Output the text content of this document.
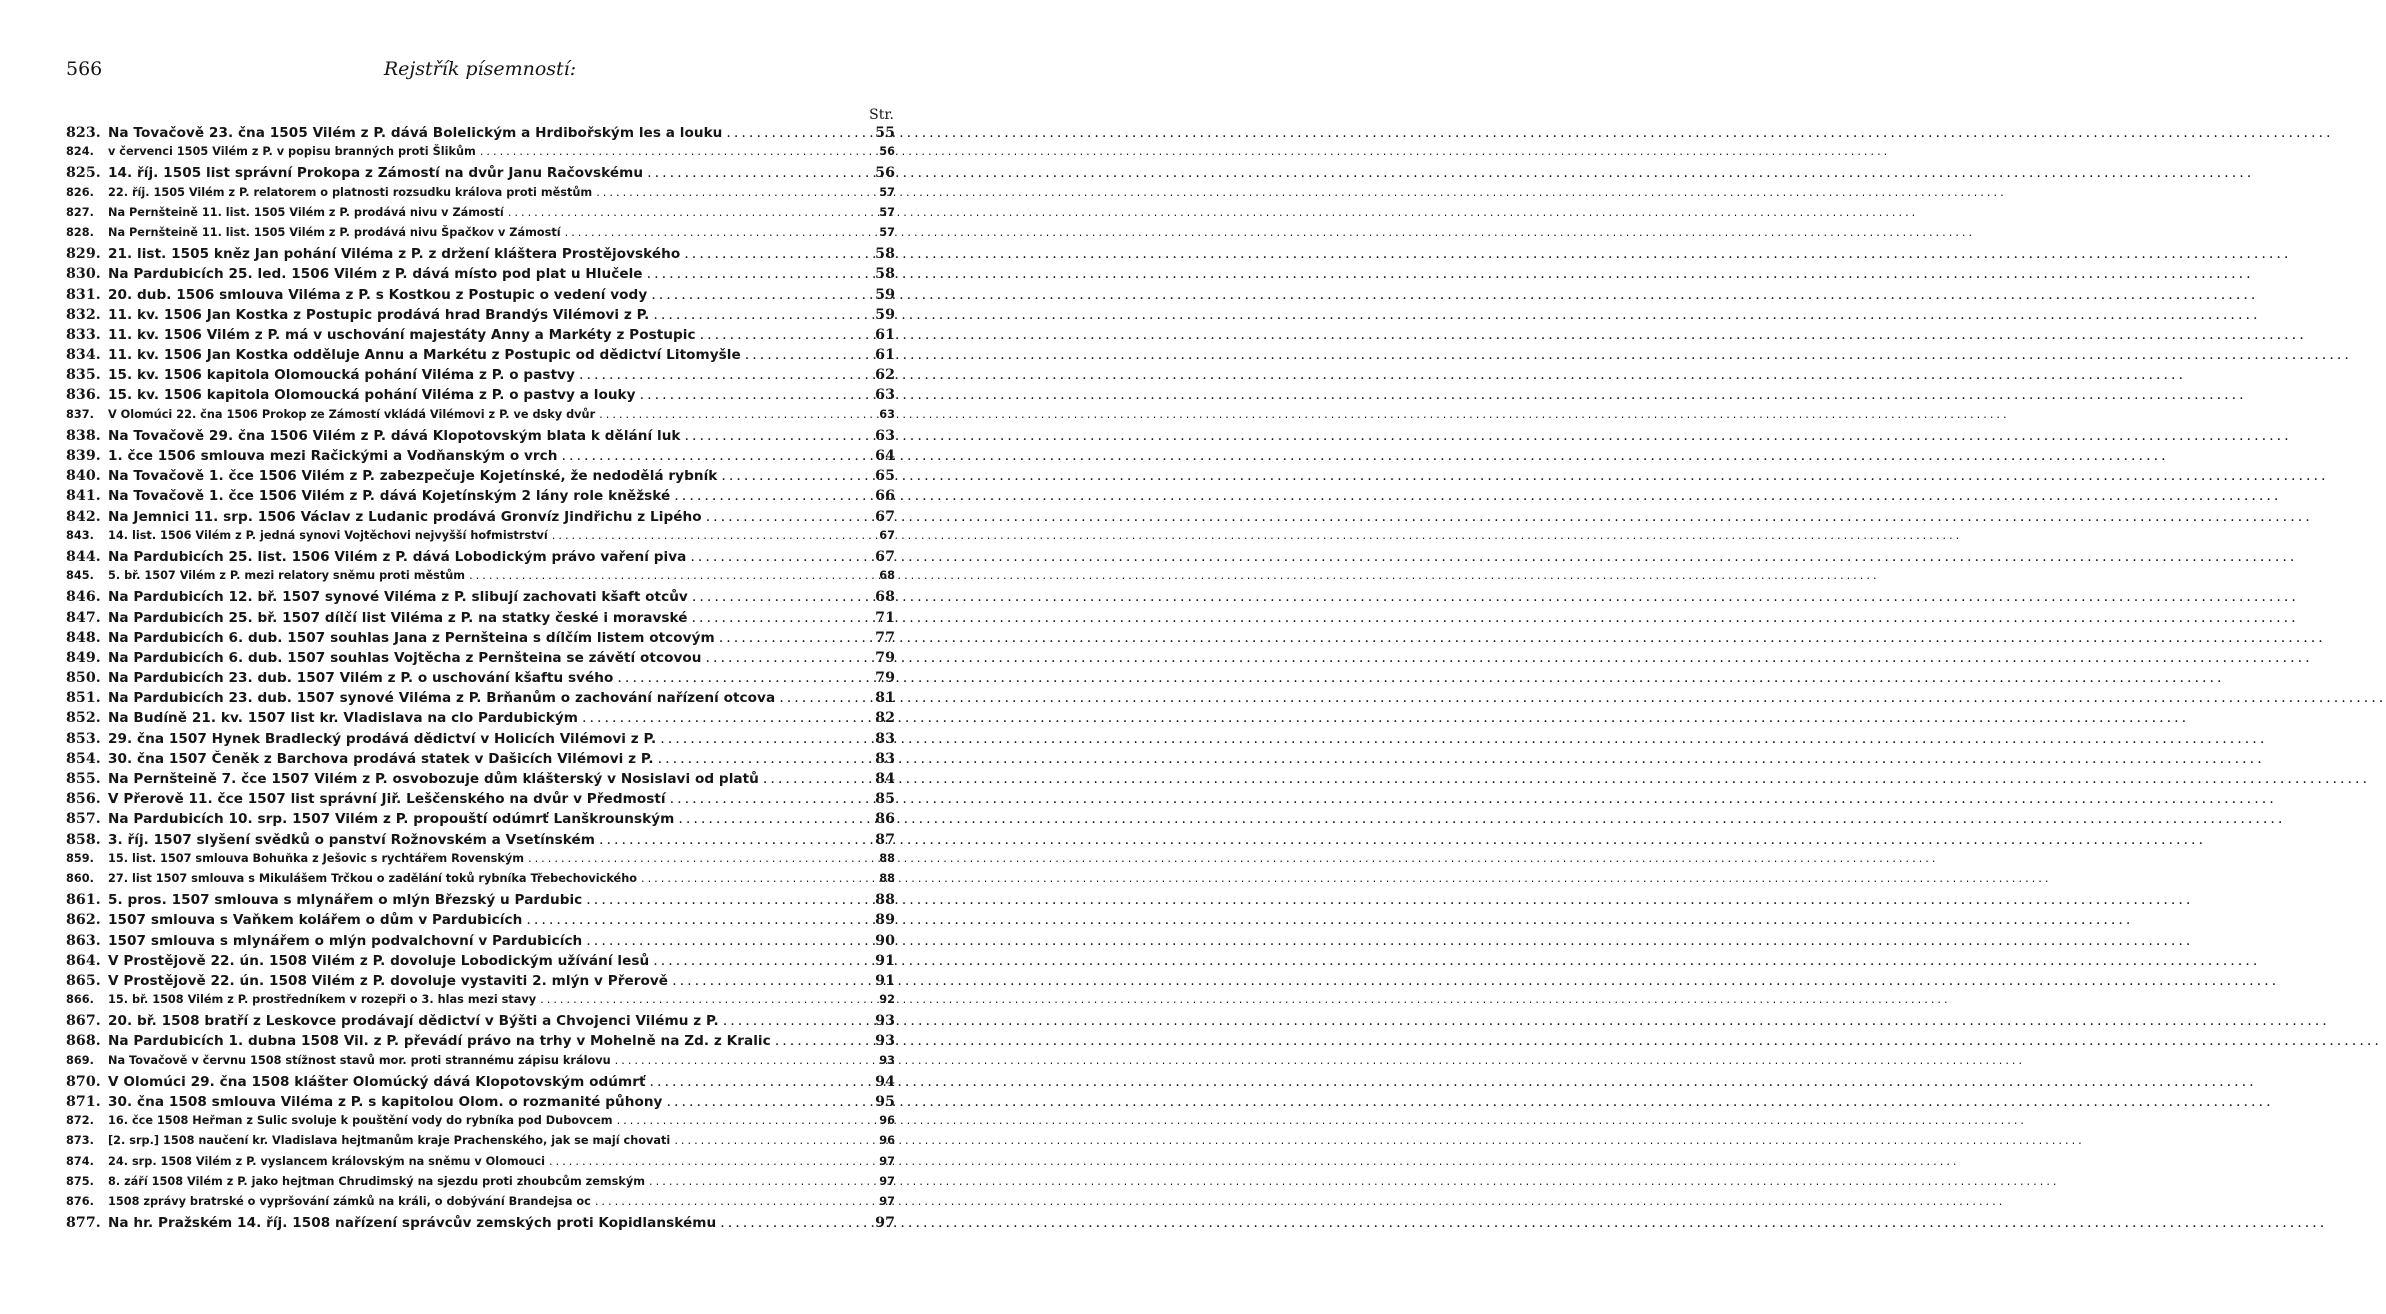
566	Rejstřík písemností:
Str.
823. Na Tovačově 23. čna 1505 Vilém z P. dává Bolelickým a Hrdibořským les a louku .....	55
824.	v červenci 1505 Vilém z P. v popisu branných proti Šlikům .....	56
825. 14. říj. 1505 list správní Prokopa z Zámostí na dvůr Janu Račovskému .....	56
826.	22. říj. 1505 Vilém z P. relatorem o platnosti rozsudku králova proti městům .....	57
827.	Na Pernšteině 11. list. 1505 Vilém z P. prodává nivu v Zámostí .....	57
828.	Na Pernšteině 11. list. 1505 Vilém z P. prodává nivu Špačkov v Zámostí .....	57
829. 21. list. 1505 kněz Jan pohání Viléma z P. z držení kláštera Prostějovského .....	58
830. Na Pardubicích 25. led. 1506 Vilém z P. dává místo pod plat u Hlučele .....	58
831. 20. dub. 1506 smlouva Viléma z P. s Kostkou z Postupic o vedení vody .....	59
832. 11. kv. 1506 Jan Kostka z Postupic prodává hrad Brandýs Vilémovi z P. .....	59
833. 11. kv. 1506 Vilém z P. má v uschování majestáty Anny a Markéty z Postupic .....	61
834. 11. kv. 1506 Jan Kostka odděluje Annu a Markétu z Postupic od dědictví Litomyšle .....	61
835. 15. kv. 1506 kapitola Olomoucká pohání Viléma z P. o pastvy .....	62
836. 15. kv. 1506 kapitola Olomoucká pohání Viléma z P. o pastvy a louky .....	63
837.	V Olomúci 22. čna 1506 Prokop ze Zámostí vkládá Vilémovi z P. ve dsky dvůr .....	63
838. Na Tovačově 29. čna 1506 Vilém z P. dává Klopotovským blata k dělání luk .....	63
839. 1. čce 1506 smlouva mezi Račickými a Vodňanským o vrch .....	64
840. Na Tovačově 1. čce 1506 Vilém z P. zabezpečuje Kojetínské, že nedodělá rybník .....	65
841. Na Tovačově 1. čce 1506 Vilém z P. dává Kojetínským 2 lány role kněžské .....	66
842. Na Jemnici 11. srp. 1506 Václav z Ludanic prodává Gronvíz Jindřichu z Lipého .....	67
843.	14. list. 1506 Vilém z P. jedná synovi Vojtěchovi nejvyšší hofmistrství .....	67
844. Na Pardubicích 25. list. 1506 Vilém z P. dává Lobodickým právo vaření piva .....	67
845.	5. bř. 1507 Vilém z P. mezi relatory sněmu proti městům .....	68
846. Na Pardubicích 12. bř. 1507 synové Viléma z P. slibují zachovati kšaft otcův .....	68
847. Na Pardubicích 25. bř. 1507 dílčí list Viléma z P. na statky české i moravské .....	71
848. Na Pardubicích 6. dub. 1507 souhlas Jana z Pernšteina s dílčím listem otcovým .....	77
849. Na Pardubicích 6. dub. 1507 souhlas Vojtěcha z Pernšteina se závětí otcovou .....	79
850. Na Pardubicích 23. dub. 1507 Vilém z P. o uschování kšaftu svého .....	79
851. Na Pardubicích 23. dub. 1507 synové Viléma z P. Brňanům o zachování nařízení otcova .....	81
852. Na Budíně 21. kv. 1507 list kr. Vladislava na clo Pardubickým .....	82
853. 29. čna 1507 Hynek Bradlecký prodává dědictví v Holicích Vilémovi z P. .....	83
854. 30. čna 1507 Čeněk z Barchova prodává statek v Dašicích Vilémovi z P. .....	83
855. Na Pernšteině 7. čce 1507 Vilém z P. osvobozuje dům klášterský v Nosislavi od platů .....	84
856. V Přerově 11. čce 1507 list správní Jiř. Leščenského na dvůr v Předmostí .....	85
857. Na Pardubicích 10. srp. 1507 Vilém z P. propouští odúmrť Lanškrounským .....	86
858. 3. říj. 1507 slyšení svědků o panství Rožnovském a Vsetínském .....	87
859.	15. list. 1507 smlouva Bohuňka z Ješovic s rychtářem Rovenským .....	88
860.	27. list 1507 smlouva s Mikulášem Trčkou o zadělání toků rybníka Třebechovického .....	88
861. 5. pros. 1507 smlouva s mlynářem o mlýn Březský u Pardubic .....	88
862. 1507 smlouva s Vaňkem kolářem o dům v Pardubicích .....	89
863. 1507 smlouva s mlynářem o mlýn podvalchovní v Pardubicích .....	90
864. V Prostějově 22. ún. 1508 Vilém z P. dovoluje Lobodickým užívání lesů .....	91
865. V Prostějově 22. ún. 1508 Vilém z P. dovoluje vystaviti 2. mlýn v Přerově .....	91
866.	15. bř. 1508 Vilém z P. prostředníkem v rozepři o 3. hlas mezi stavy .....	92
867. 20. bř. 1508 bratří z Leskovce prodávají dědictví v Býšti a Chvojenci Vilému z P. .....	93
868. Na Pardubicích 1. dubna 1508 Vil. z P. převádí právo na trhy v Mohelně na Zd. z Kralic .....	93
869.	Na Tovačově v červnu 1508 stížnost stavů mor. proti strannému zápisu královu .....	93
870. V Olomúci 29. čna 1508 klášter Olomúcký dává Klopotovským odúmrť .....	94
871. 30. čna 1508 smlouva Viléma z P. s kapitolou Olom. o rozmanité půhony .....	95
872.	16. čce 1508 Heřman z Sulic svoluje k pouštění vody do rybníka pod Dubovcem .....	96
873.	[2. srp.] 1508 naučení kr. Vladislava hejtmanům kraje Prachenského, jak se mají chovati .....	96
874.	24. srp. 1508 Vilém z P. vyslancem královským na sněmu v Olomouci .....	97
875.	8. září 1508 Vilém z P. jako hejtman Chrudimský na sjezdu proti zhoubcům zemským .....	97
876.	1508 zprávy bratrské o vypršování zámků na králi, o dobývání Brandejsa oc .....	97
877. Na hr. Pražském 14. říj. 1508 nařízení správcův zemských proti Kopidlanskému .....	97
